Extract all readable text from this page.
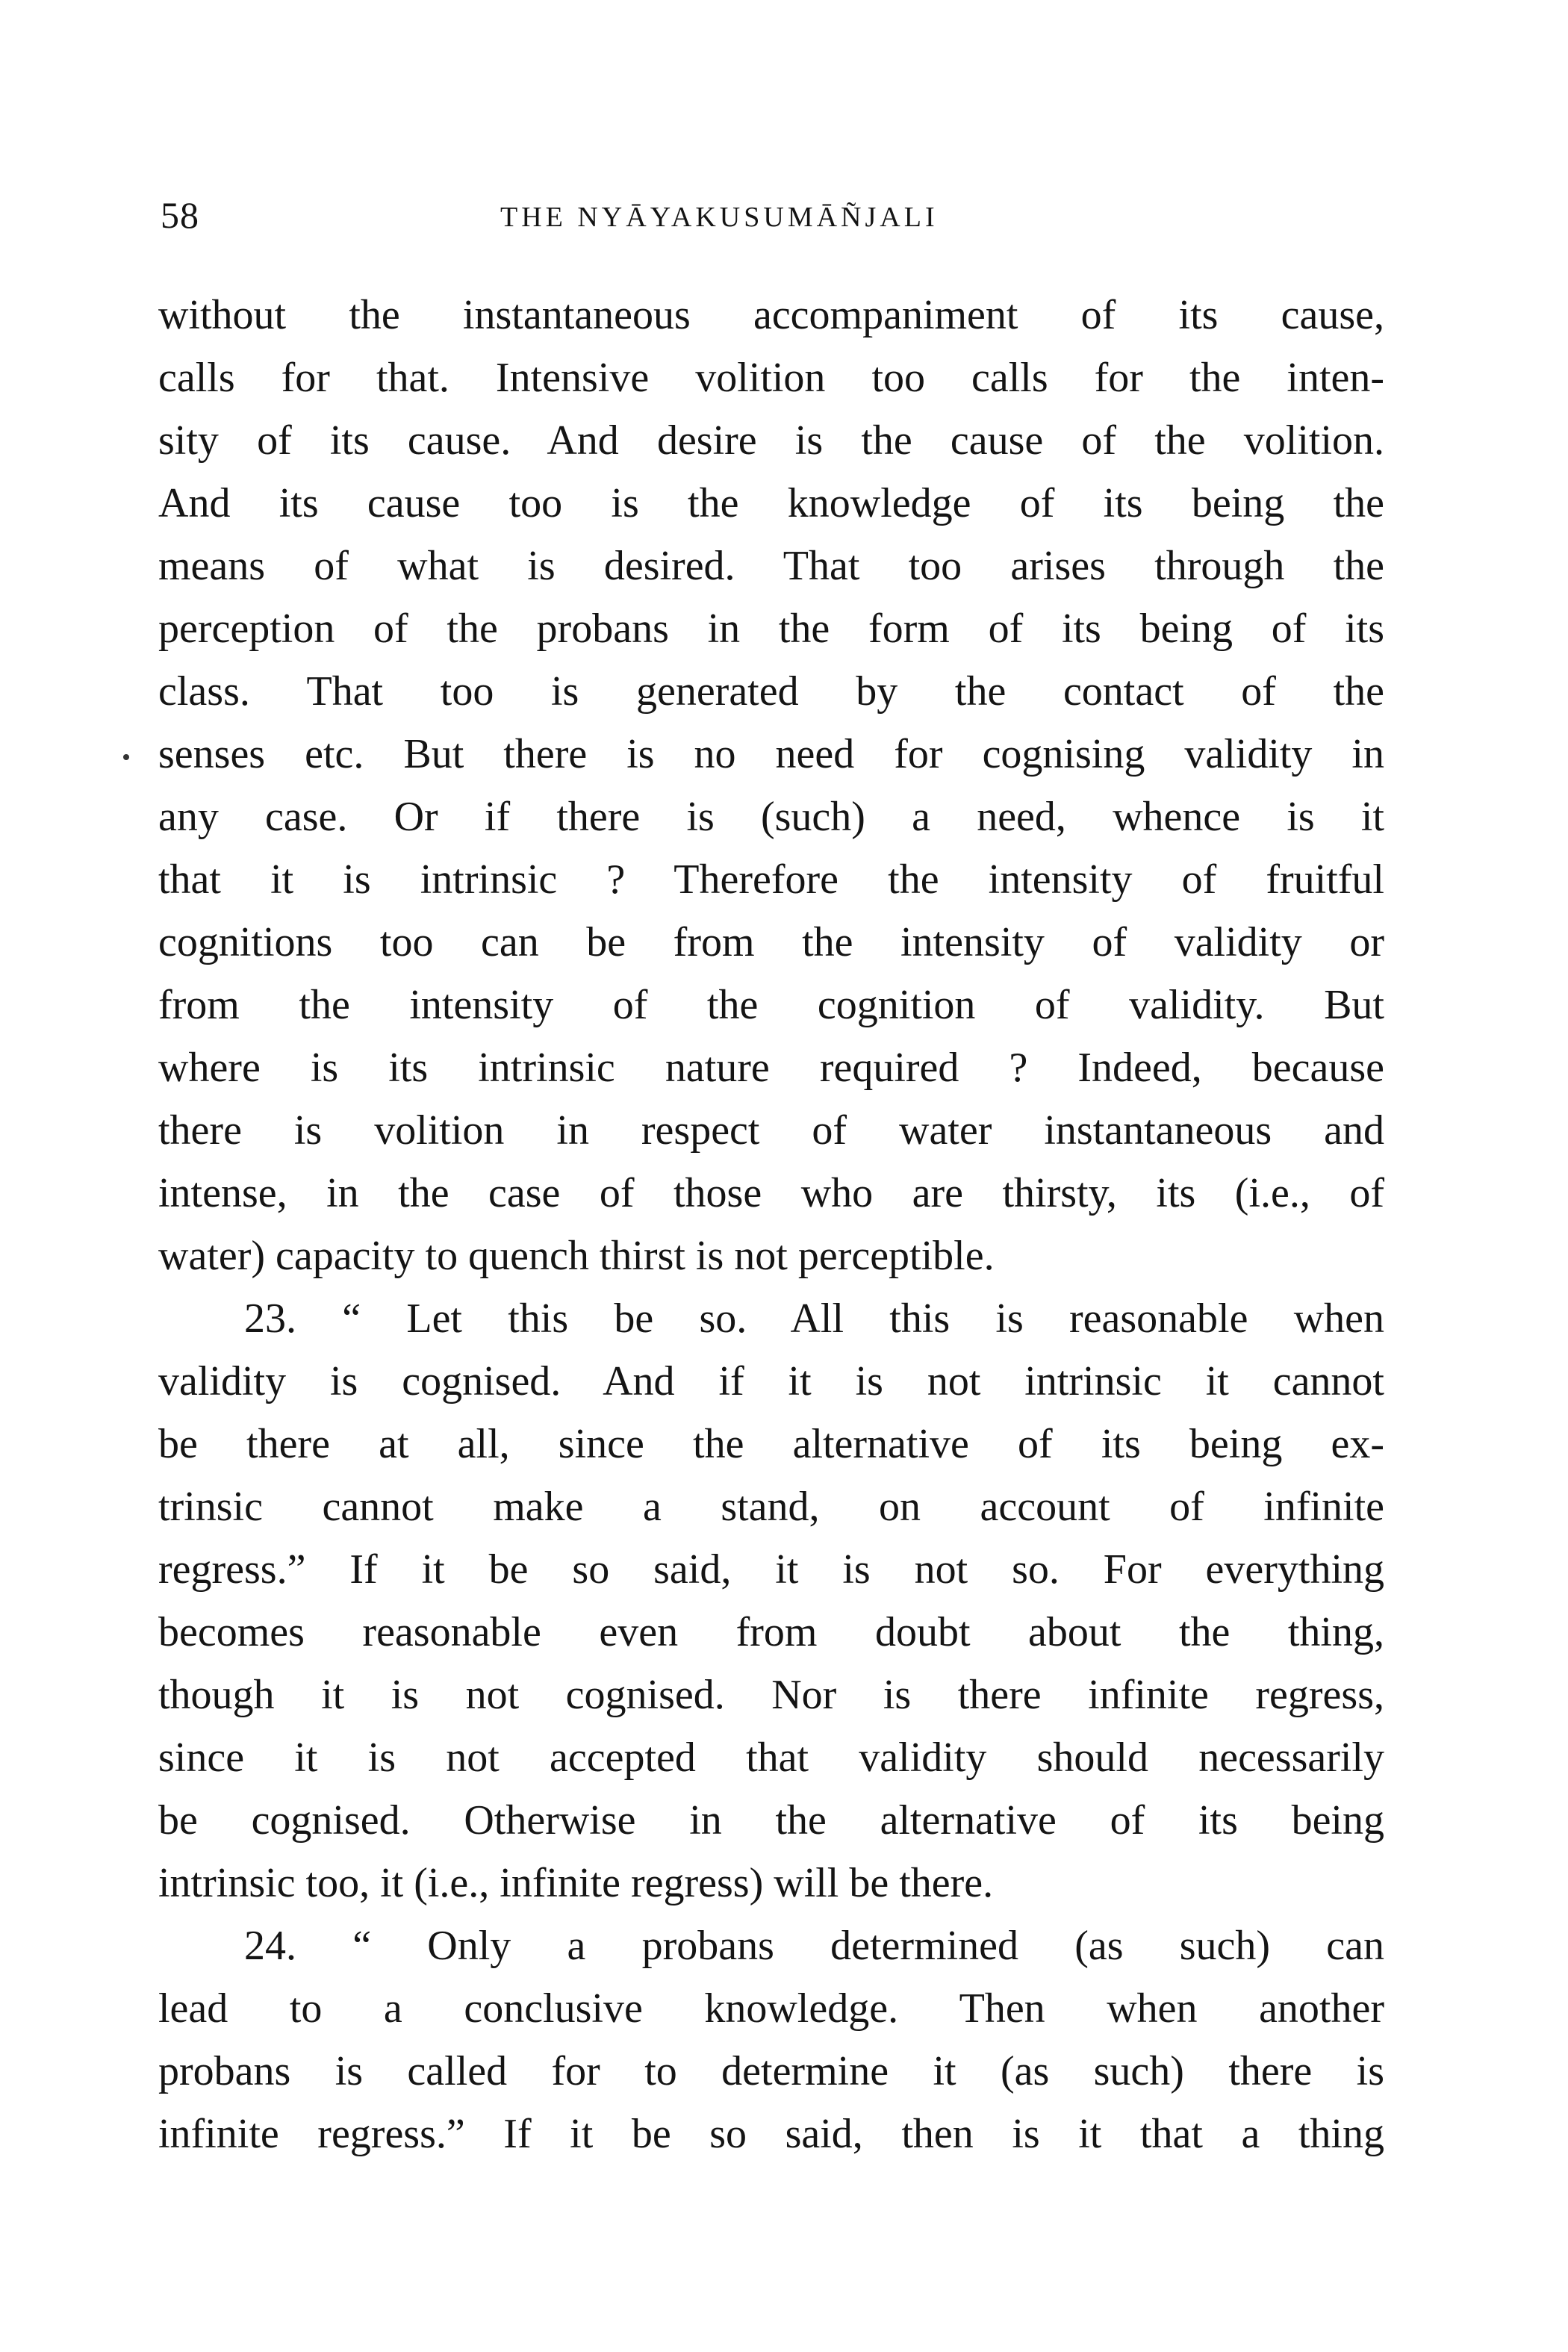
58	THE NYĀYAKUSUMĀÑJALI
without the instantaneous accompaniment of its cause,
calls for that. Intensive volition too calls for the inten-
sity of its cause. And desire is the cause of the volition.
And its cause too is the knowledge of its being the
means of what is desired. That too arises through the
perception of the probans in the form of its being of its
class. That too is generated by the contact of the
senses etc. But there is no need for cognising validity in
any case. Or if there is (such) a need, whence is it
that it is intrinsic ? Therefore the intensity of fruitful
cognitions too can be from the intensity of validity or
from the intensity of the cognition of validity. But
where is its intrinsic nature required ? Indeed, because
there is volition in respect of water instantaneous and
intense, in the case of those who are thirsty, its (i.e., of
water) capacity to quench thirst is not perceptible.
23. “ Let this be so. All this is reasonable when
validity is cognised. And if it is not intrinsic it cannot
be there at all, since the alternative of its being ex-
trinsic cannot make a stand, on account of infinite
regress.” If it be so said, it is not so. For everything
becomes reasonable even from doubt about the thing,
though it is not cognised. Nor is there infinite regress,
since it is not accepted that validity should necessarily
be cognised. Otherwise in the alternative of its being
intrinsic too, it (i.e., infinite regress) will be there.
24. “ Only a probans determined (as such) can
lead to a conclusive knowledge. Then when another
probans is called for to determine it (as such) there is
infinite regress.” If it be so said, then is it that a thing
